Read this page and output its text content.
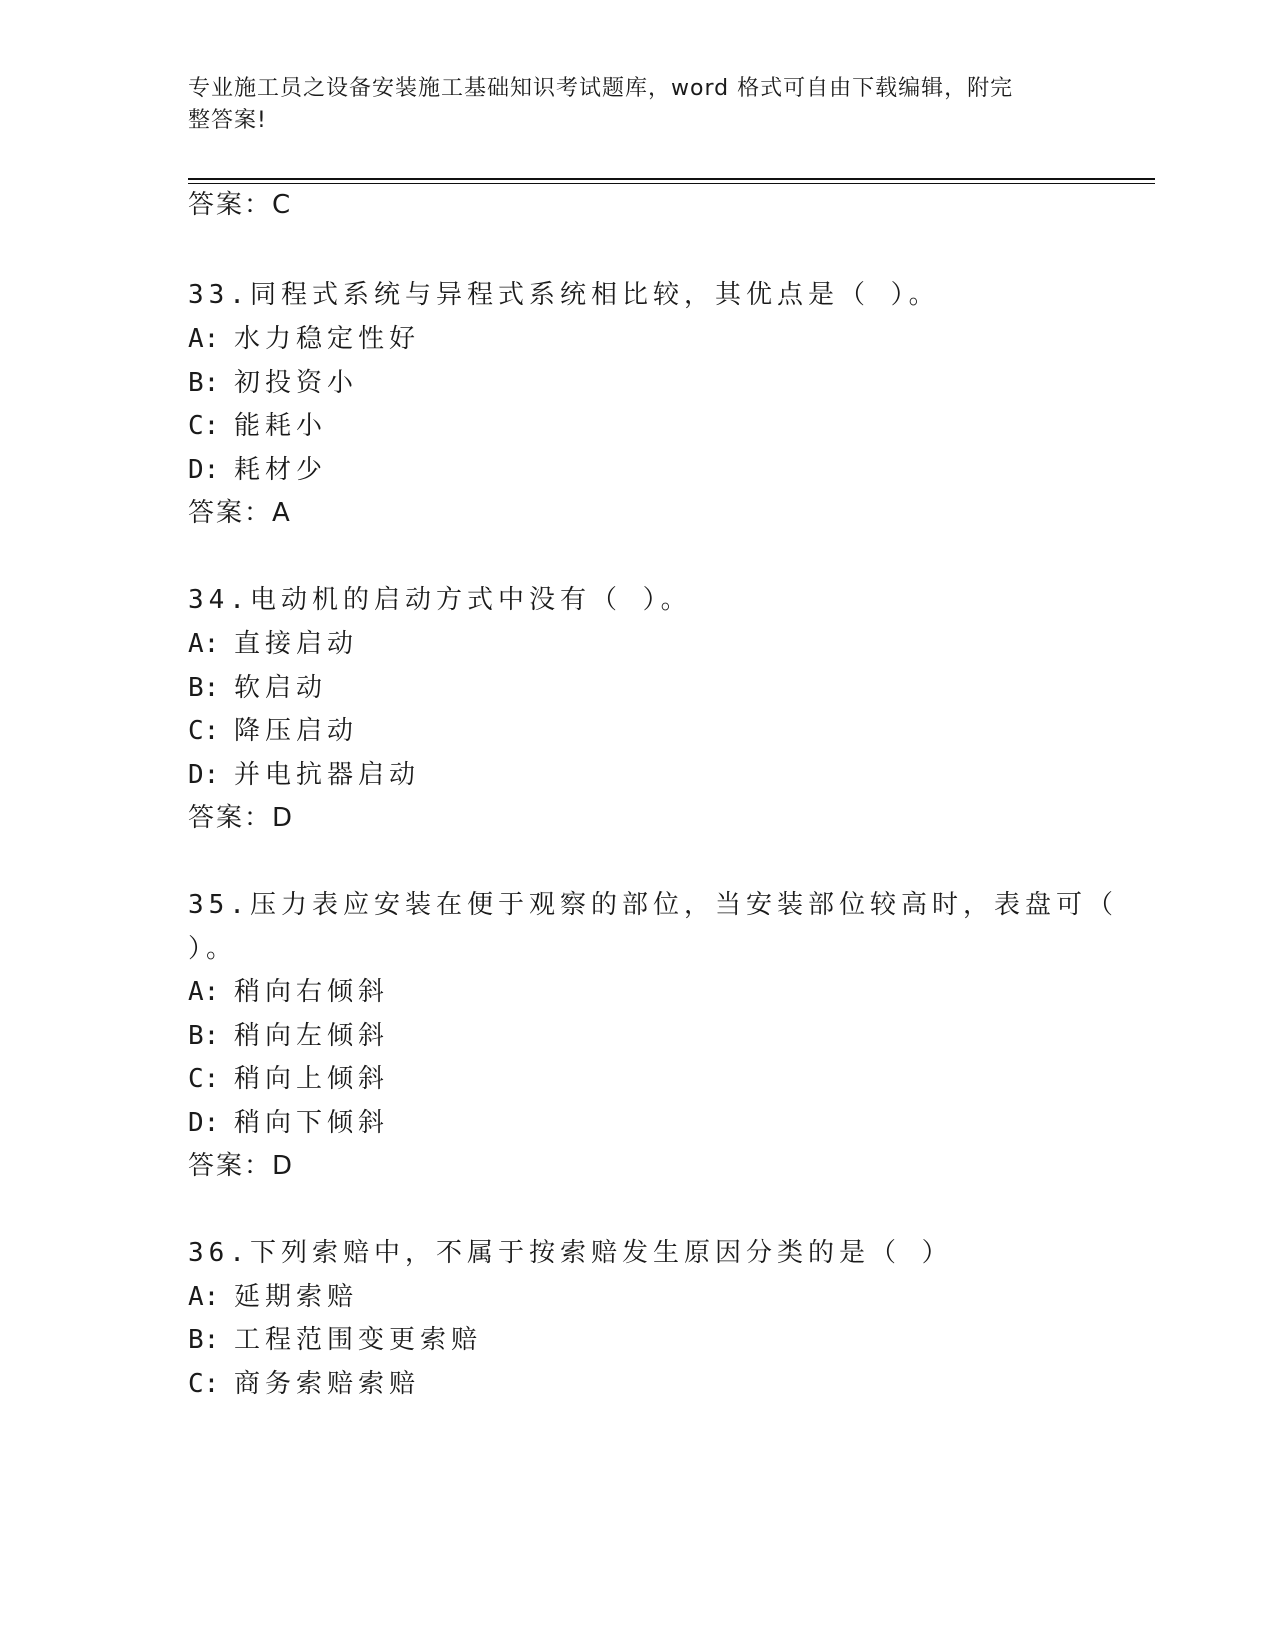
专业施工员之设备安装施工基础知识考试题库，word 格式可自由下载编辑，附完
整答案!
答案：C
33.同程式系统与异程式系统相比较，其优点是（ ）。
A: 水力稳定性好
B: 初投资小
C: 能耗小
D: 耗材少
答案：A
34.电动机的启动方式中没有（ ）。
A: 直接启动
B: 软启动
C: 降压启动
D: 并电抗器启动
答案：D
35.压力表应安装在便于观察的部位，当安装部位较高时，表盘可（
）。
A: 稍向右倾斜
B: 稍向左倾斜
C: 稍向上倾斜
D: 稍向下倾斜
答案：D
36.下列索赔中，不属于按索赔发生原因分类的是（ ）
A: 延期索赔
B: 工程范围变更索赔
C: 商务索赔索赔
